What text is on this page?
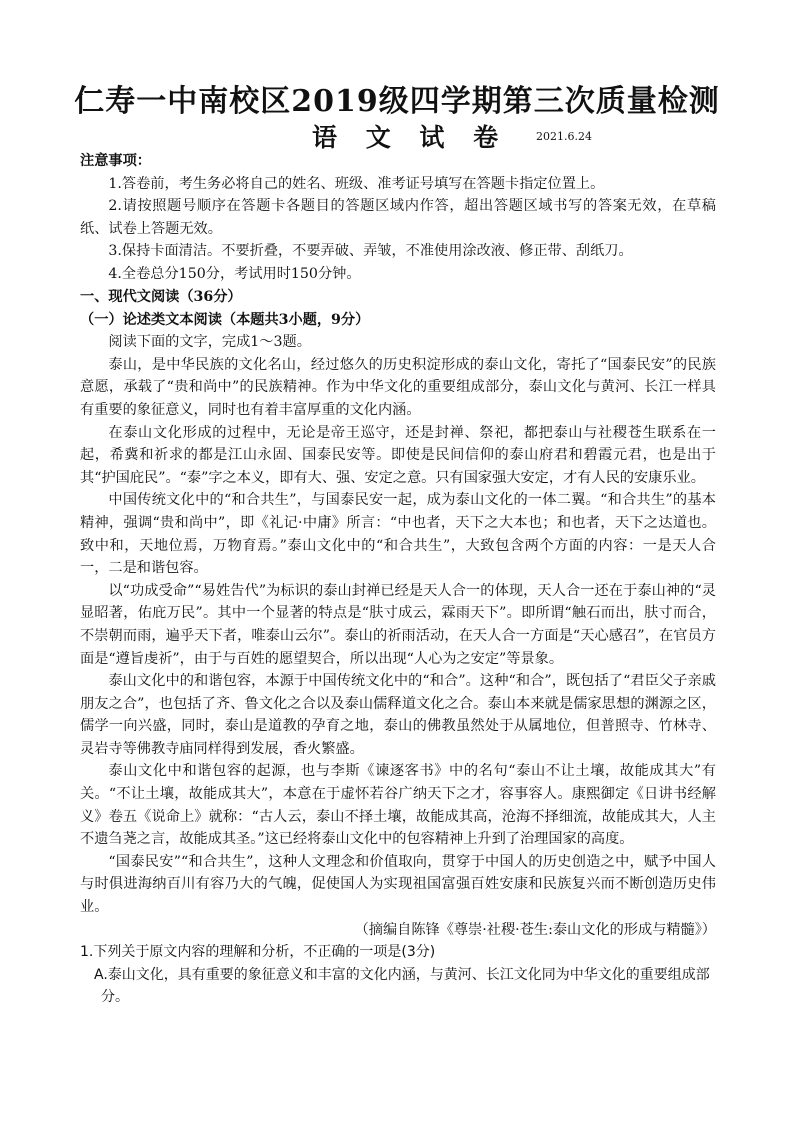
仁寿一中南校区2019级四学期第三次质量检测
语 文 试 卷	2021.6.24

注意事项：

1.答卷前，考生务必将自己的姓名、班级、准考证号填写在答题卡指定位置上。

2.请按照题号顺序在答题卡各题目的答题区域内作答，超出答题区域书写的答案无效，在草稿纸、试卷上答题无效。

3.保持卡面清洁。不要折叠，不要弄破、弄皱，不准使用涂改液、修正带、刮纸刀。

4.全卷总分150分，考试用时150分钟。

一、现代文阅读（36分）

（一）论述类文本阅读（本题共3小题，9分）

阅读下面的文字，完成1～3题。

泰山，是中华民族的文化名山，经过悠久的历史积淀形成的泰山文化，寄托了“国泰民安”的民族意愿，承载了“贵和尚中”的民族精神。作为中华文化的重要组成部分，泰山文化与黄河、长江一样具有重要的象征意义，同时也有着丰富厚重的文化内涵。

在泰山文化形成的过程中，无论是帝王巡守，还是封禅、祭祀，都把泰山与社稷苍生联系在一起，希冀和祈求的都是江山永固、国泰民安等。即使是民间信仰的泰山府君和碧霞元君，也是出于其“护国庇民”。“泰”字之本义，即有大、强、安定之意。只有国家强大安定，才有人民的安康乐业。

中国传统文化中的“和合共生”，与国泰民安一起，成为泰山文化的一体二翼。“和合共生”的基本精神，强调“贵和尚中”，即《礼记·中庸》所言：“中也者，天下之大本也；和也者，天下之达道也。致中和，天地位焉，万物育焉。”泰山文化中的“和合共生”，大致包含两个方面的内容：一是天人合一，二是和谐包容。

以“功成受命”“易姓告代”为标识的泰山封禅已经是天人合一的体现，天人合一还在于泰山神的“灵显昭著，佑庇万民”。其中一个显著的特点是“肤寸成云，霖雨天下”。即所谓“触石而出，肤寸而合，不崇朝而雨，遍乎天下者，唯泰山云尔”。泰山的祈雨活动，在天人合一方面是“天心感召”，在官员方面是“遵旨虔祈”，由于与百姓的愿望契合，所以出现“人心为之安定”等景象。

泰山文化中的和谐包容，本源于中国传统文化中的“和合”。这种“和合”，既包括了“君臣父子亲戚朋友之合”，也包括了齐、鲁文化之合以及泰山儒释道文化之合。泰山本来就是儒家思想的渊源之区，儒学一向兴盛，同时，泰山是道教的孕育之地，泰山的佛教虽然处于从属地位，但普照寺、竹林寺、灵岩寺等佛教寺庙同样得到发展，香火繁盛。

泰山文化中和谐包容的起源，也与李斯《谏逐客书》中的名句“泰山不让土壤，故能成其大”有关。“不让土壤，故能成其大”，本意在于虚怀若谷广纳天下之才，容事容人。康熙御定《日讲书经解义》卷五《说命上》就称：“古人云，泰山不择土壤，故能成其高，沧海不择细流，故能成其大，人主不遗刍荛之言，故能成其圣。”这已经将泰山文化中的包容精神上升到了治理国家的高度。

“国泰民安”“和合共生”，这种人文理念和价值取向，贯穿于中国人的历史创造之中，赋予中国人与时俱进海纳百川有容乃大的气魄，促使国人为实现祖国富强百姓安康和民族复兴而不断创造历史伟业。

（摘编自陈锋《尊崇·社稷·苍生:泰山文化的形成与精髓》）

1.下列关于原文内容的理解和分析，不正确的一项是(3分)

A.泰山文化，具有重要的象征意义和丰富的文化内涵，与黄河、长江文化同为中华文化的重要组成部分。
